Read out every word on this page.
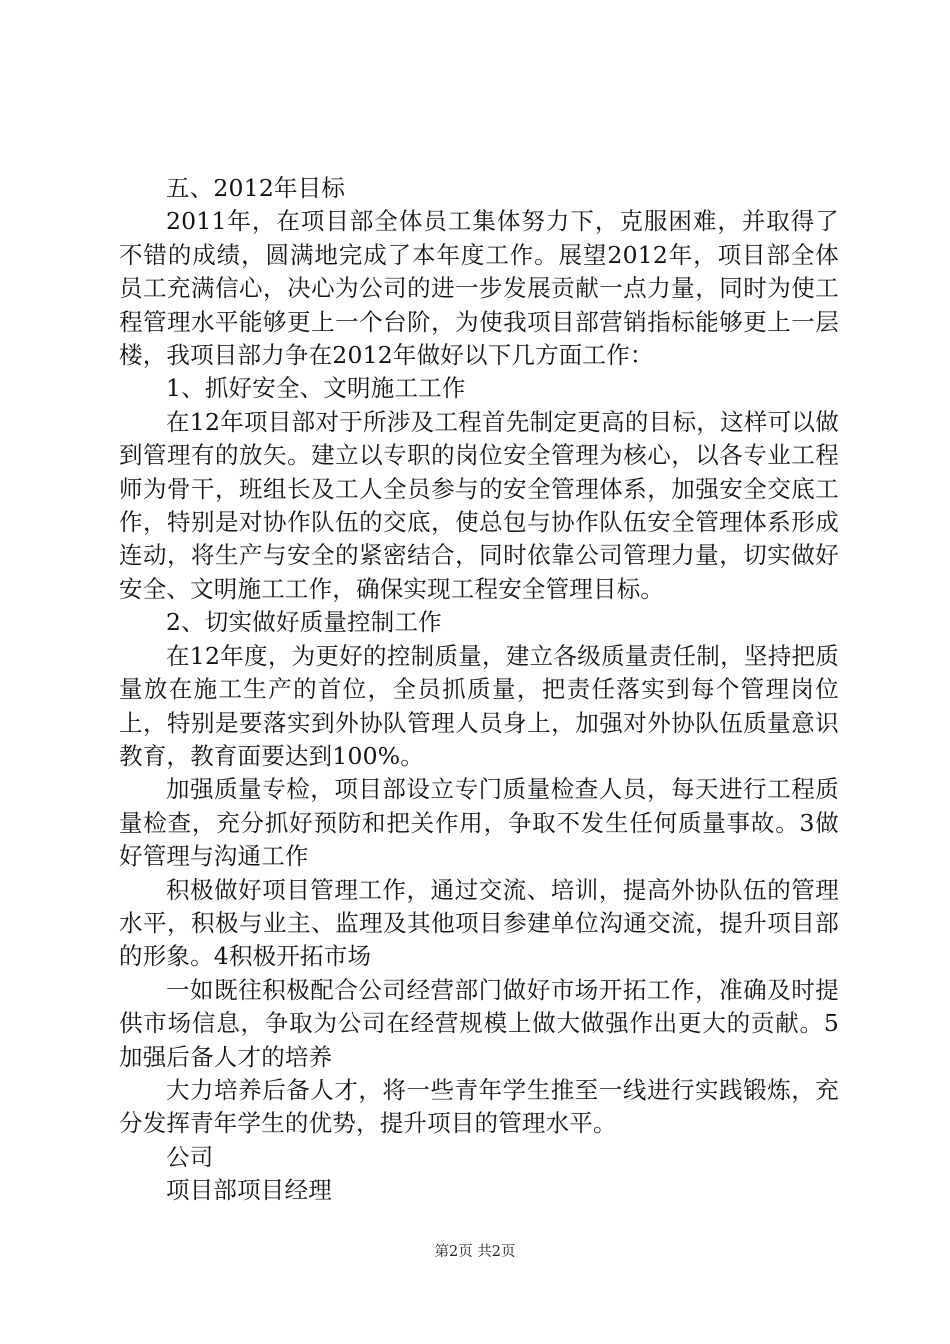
五、2012年目标

2011年，在项目部全体员工集体努力下，克服困难，并取得了不错的成绩，圆满地完成了本年度工作。展望2012年，项目部全体员工充满信心，决心为公司的进一步发展贡献一点力量，同时为使工程管理水平能够更上一个台阶，为使我项目部营销指标能够更上一层楼，我项目部力争在2012年做好以下几方面工作：

1、抓好安全、文明施工工作

在12年项目部对于所涉及工程首先制定更高的目标，这样可以做到管理有的放矢。建立以专职的岗位安全管理为核心，以各专业工程师为骨干，班组长及工人全员参与的安全管理体系，加强安全交底工作，特别是对协作队伍的交底，使总包与协作队伍安全管理体系形成连动，将生产与安全的紧密结合，同时依靠公司管理力量，切实做好安全、文明施工工作，确保实现工程安全管理目标。

2、切实做好质量控制工作

在12年度，为更好的控制质量，建立各级质量责任制，坚持把质量放在施工生产的首位，全员抓质量，把责任落实到每个管理岗位上，特别是要落实到外协队管理人员身上，加强对外协队伍质量意识教育，教育面要达到100%。

加强质量专检，项目部设立专门质量检查人员，每天进行工程质量检查，充分抓好预防和把关作用，争取不发生任何质量事故。3做好管理与沟通工作

积极做好项目管理工作，通过交流、培训，提高外协队伍的管理水平，积极与业主、监理及其他项目参建单位沟通交流，提升项目部的形象。4积极开拓市场

一如既往积极配合公司经营部门做好市场开拓工作，准确及时提供市场信息，争取为公司在经营规模上做大做强作出更大的贡献。5加强后备人才的培养

大力培养后备人才，将一些青年学生推至一线进行实践锻炼，充分发挥青年学生的优势，提升项目的管理水平。

公司

项目部项目经理

第2页 共2页
